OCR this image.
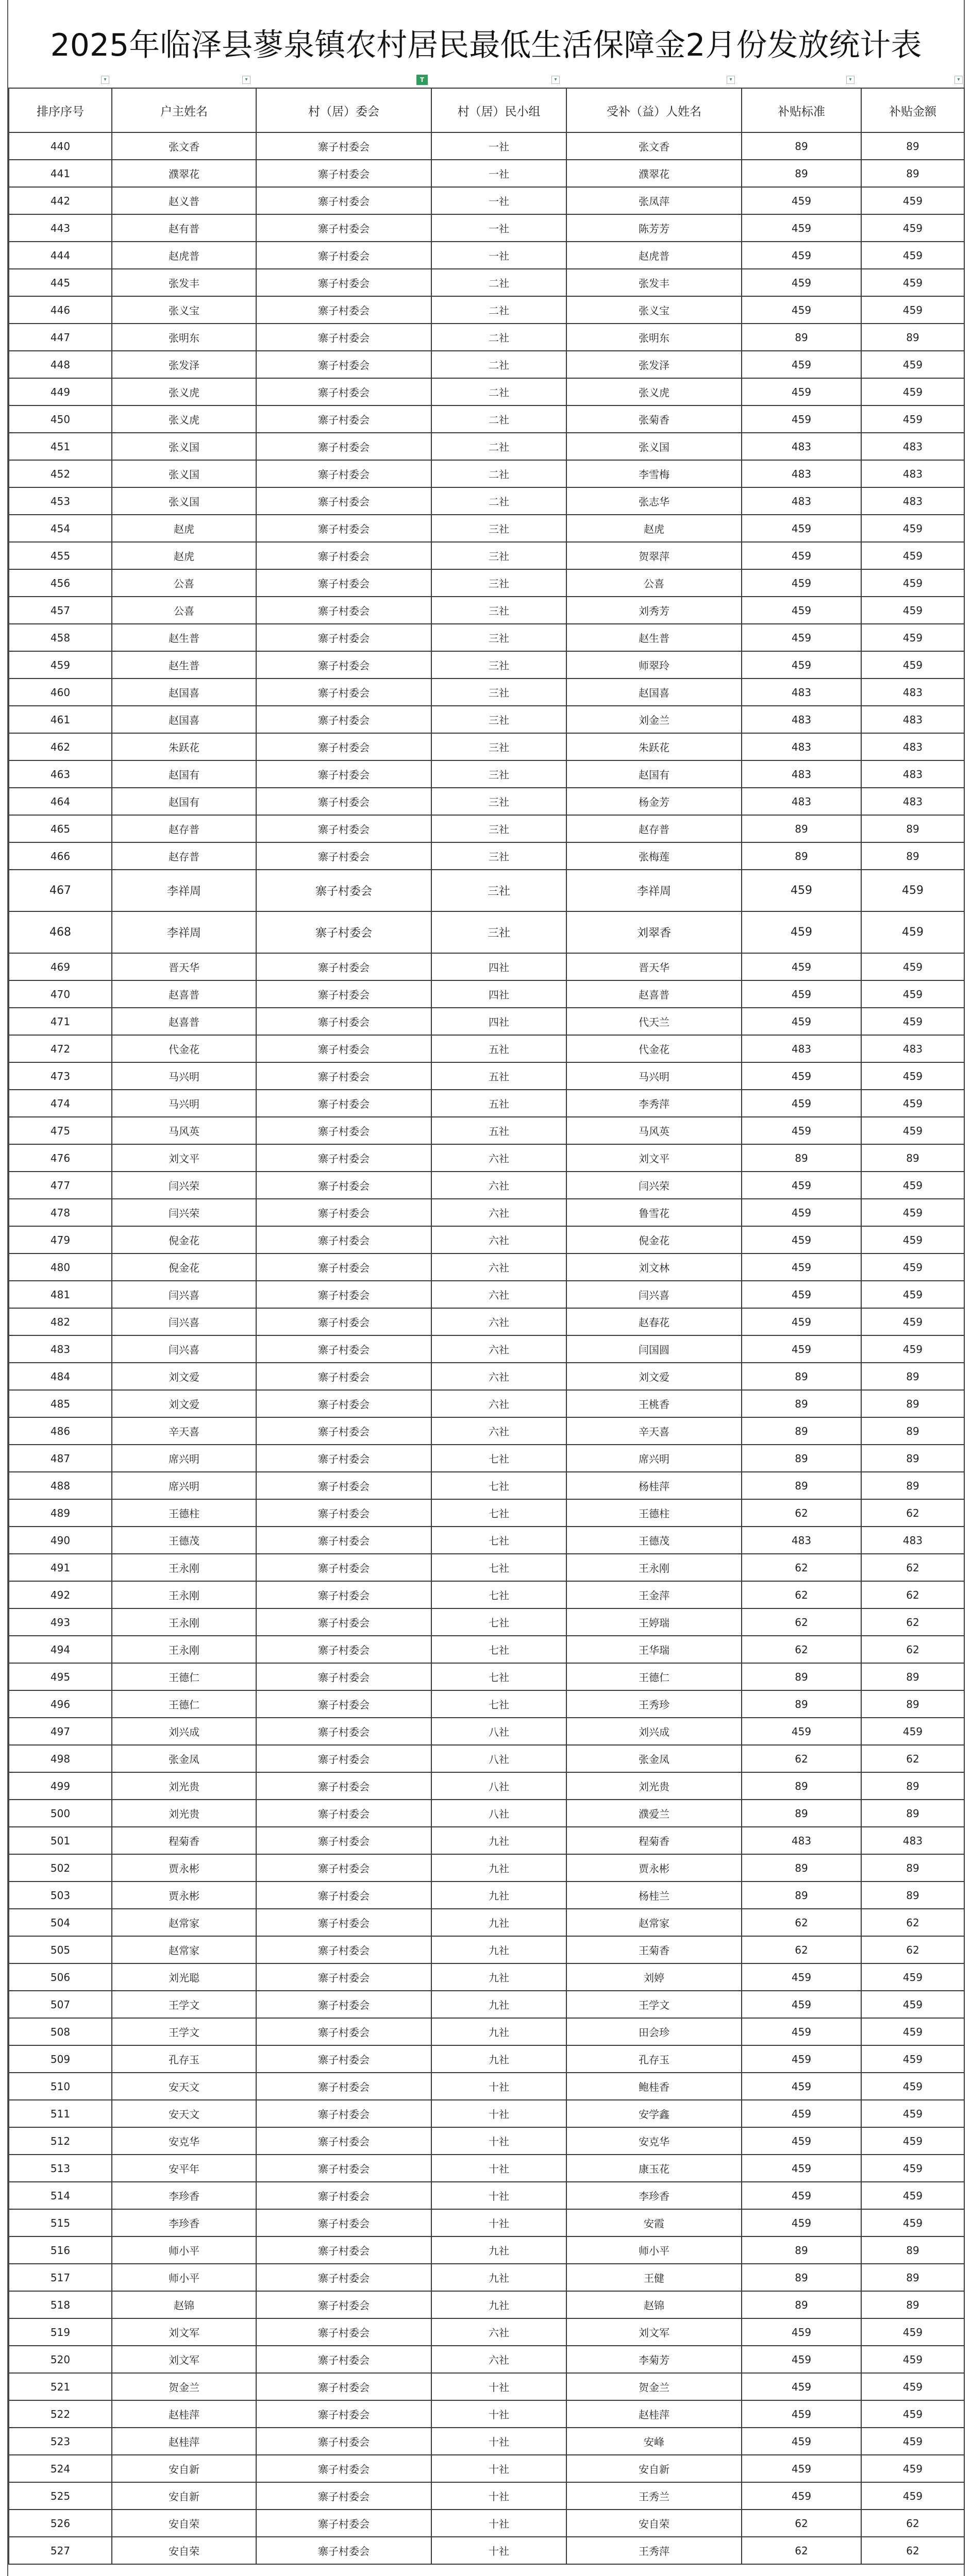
2025年临泽县蓼泉镇农村居民最低生活保障金2月份发放统计表
▾	▾	T	▾	▾	▾	▾
排序序号	户主姓名	村（居）委会	村（居）民小组	受补（益）人姓名	补贴标准	补贴金额
440	张文香	寨子村委会	一社	张文香	89	89
441	濮翠花	寨子村委会	一社	濮翠花	89	89
442	赵义普	寨子村委会	一社	张凤萍	459	459
443	赵有普	寨子村委会	一社	陈芳芳	459	459
444	赵虎普	寨子村委会	一社	赵虎普	459	459
445	张发丰	寨子村委会	二社	张发丰	459	459
446	张义宝	寨子村委会	二社	张义宝	459	459
447	张明东	寨子村委会	二社	张明东	89	89
448	张发泽	寨子村委会	二社	张发泽	459	459
449	张义虎	寨子村委会	二社	张义虎	459	459
450	张义虎	寨子村委会	二社	张菊香	459	459
451	张义国	寨子村委会	二社	张义国	483	483
452	张义国	寨子村委会	二社	李雪梅	483	483
453	张义国	寨子村委会	二社	张志华	483	483
454	赵虎	寨子村委会	三社	赵虎	459	459
455	赵虎	寨子村委会	三社	贺翠萍	459	459
456	公喜	寨子村委会	三社	公喜	459	459
457	公喜	寨子村委会	三社	刘秀芳	459	459
458	赵生普	寨子村委会	三社	赵生普	459	459
459	赵生普	寨子村委会	三社	师翠玲	459	459
460	赵国喜	寨子村委会	三社	赵国喜	483	483
461	赵国喜	寨子村委会	三社	刘金兰	483	483
462	朱跃花	寨子村委会	三社	朱跃花	483	483
463	赵国有	寨子村委会	三社	赵国有	483	483
464	赵国有	寨子村委会	三社	杨金芳	483	483
465	赵存普	寨子村委会	三社	赵存普	89	89
466	赵存普	寨子村委会	三社	张梅莲	89	89
467	李祥周	寨子村委会	三社	李祥周	459	459
468	李祥周	寨子村委会	三社	刘翠香	459	459
469	晋天华	寨子村委会	四社	晋天华	459	459
470	赵喜普	寨子村委会	四社	赵喜普	459	459
471	赵喜普	寨子村委会	四社	代天兰	459	459
472	代金花	寨子村委会	五社	代金花	483	483
473	马兴明	寨子村委会	五社	马兴明	459	459
474	马兴明	寨子村委会	五社	李秀萍	459	459
475	马风英	寨子村委会	五社	马风英	459	459
476	刘文平	寨子村委会	六社	刘文平	89	89
477	闫兴荣	寨子村委会	六社	闫兴荣	459	459
478	闫兴荣	寨子村委会	六社	鲁雪花	459	459
479	倪金花	寨子村委会	六社	倪金花	459	459
480	倪金花	寨子村委会	六社	刘文林	459	459
481	闫兴喜	寨子村委会	六社	闫兴喜	459	459
482	闫兴喜	寨子村委会	六社	赵春花	459	459
483	闫兴喜	寨子村委会	六社	闫国圆	459	459
484	刘文爱	寨子村委会	六社	刘文爱	89	89
485	刘文爱	寨子村委会	六社	王桃香	89	89
486	辛天喜	寨子村委会	六社	辛天喜	89	89
487	席兴明	寨子村委会	七社	席兴明	89	89
488	席兴明	寨子村委会	七社	杨桂萍	89	89
489	王德柱	寨子村委会	七社	王德柱	62	62
490	王德茂	寨子村委会	七社	王德茂	483	483
491	王永刚	寨子村委会	七社	王永刚	62	62
492	王永刚	寨子村委会	七社	王金萍	62	62
493	王永刚	寨子村委会	七社	王婷瑞	62	62
494	王永刚	寨子村委会	七社	王华瑞	62	62
495	王德仁	寨子村委会	七社	王德仁	89	89
496	王德仁	寨子村委会	七社	王秀珍	89	89
497	刘兴成	寨子村委会	八社	刘兴成	459	459
498	张金凤	寨子村委会	八社	张金凤	62	62
499	刘光贵	寨子村委会	八社	刘光贵	89	89
500	刘光贵	寨子村委会	八社	濮爱兰	89	89
501	程菊香	寨子村委会	九社	程菊香	483	483
502	贾永彬	寨子村委会	九社	贾永彬	89	89
503	贾永彬	寨子村委会	九社	杨桂兰	89	89
504	赵常家	寨子村委会	九社	赵常家	62	62
505	赵常家	寨子村委会	九社	王菊香	62	62
506	刘光聪	寨子村委会	九社	刘婷	459	459
507	王学文	寨子村委会	九社	王学文	459	459
508	王学文	寨子村委会	九社	田会珍	459	459
509	孔存玉	寨子村委会	九社	孔存玉	459	459
510	安天文	寨子村委会	十社	鲍桂香	459	459
511	安天文	寨子村委会	十社	安学鑫	459	459
512	安克华	寨子村委会	十社	安克华	459	459
513	安平年	寨子村委会	十社	康玉花	459	459
514	李珍香	寨子村委会	十社	李珍香	459	459
515	李珍香	寨子村委会	十社	安霞	459	459
516	师小平	寨子村委会	九社	师小平	89	89
517	师小平	寨子村委会	九社	王健	89	89
518	赵锦	寨子村委会	九社	赵锦	89	89
519	刘文军	寨子村委会	六社	刘文军	459	459
520	刘文军	寨子村委会	六社	李菊芳	459	459
521	贺金兰	寨子村委会	十社	贺金兰	459	459
522	赵桂萍	寨子村委会	十社	赵桂萍	459	459
523	赵桂萍	寨子村委会	十社	安峰	459	459
524	安自新	寨子村委会	十社	安自新	459	459
525	安自新	寨子村委会	十社	王秀兰	459	459
526	安自荣	寨子村委会	十社	安自荣	62	62
527	安自荣	寨子村委会	十社	王秀萍	62	62
